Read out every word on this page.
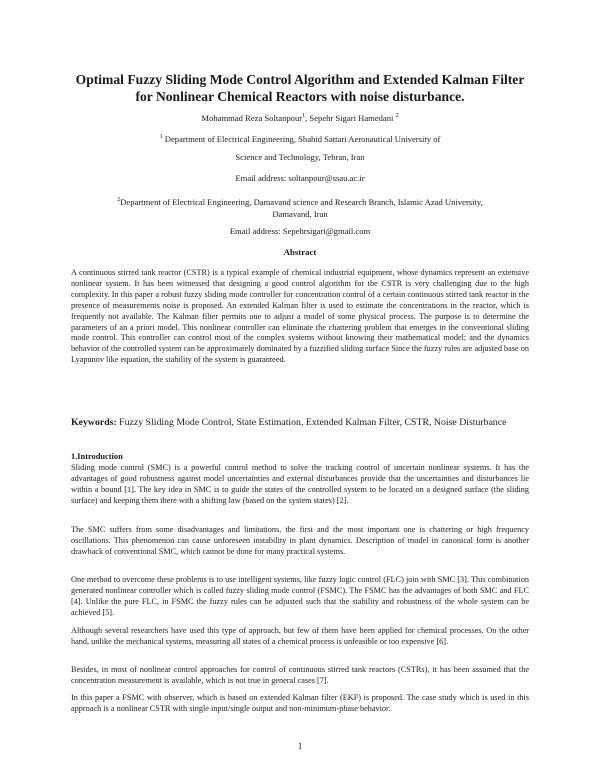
Optimal Fuzzy Sliding Mode Control Algorithm and Extended Kalman Filter
for Nonlinear Chemical Reactors with noise disturbance.
Mohammad Reza Soltanpour$^1$, Sepehr Sigari Hamedani $^2$
$^1$ Department of Electrical Engineering, Shahid Sattari Aeronautical University of
Science and Technology, Tehran, Iran
Email address: soltanpour@ssau.ac.ir
$^2$Department of Electrical Engineering, Damavand science and Research Branch, Islamic Azad University,
Damavand, Iran
Email address: Sepehrsigari@gmail.com
Abstract
A continuous stirred tank reactor (CSTR) is a typical example of chemical industrial equipment, whose dynamics represent an extensive nonlinear system. It has been witnessed that designing a good control algorithm for the CSTR is very challenging due to the high complexity. In this paper a robust fuzzy sliding mode controller for concentration control of a certain continuous stirred tank reactor in the presence of measurements noise is proposed. An extended Kalman filter is used to estimate the concentrations in the reactor, which is frequently not available. The Kalman filter permits one to adjust a model of some physical process. The purpose is to determine the parameters of an a priori model. This nonlinear controller can eliminate the chattering problem that emerges in the conventional sliding mode control. This controller can control most of the complex systems without knowing their mathematical model; and the dynamics behavior of the controlled system can be approximately dominated by a fuzzified sliding surface Since the fuzzy rules are adjusted base on Lyapunov like equation, the stability of the system is guaranteed.
Keywords: Fuzzy Sliding Mode Control, State Estimation, Extended Kalman Filter, CSTR, Noise Disturbance
1.Introduction
Sliding mode control (SMC) is a powerful control method to solve the tracking control of uncertain nonlinear systems. It has the advantages of good robustness against model uncertainties and external disturbances provide that the uncertainties and disturbances lie within a bound [1]. The key idea in SMC is to guide the states of the controlled system to be located on a designed surface (the sliding surface) and keeping them there with a shifting law (based on the system states) [2].
The SMC suffers from some disadvantages and limitations, the first and the most important one is chattering or high frequency oscillations. This phenomenon can cause unforeseen instability in plant dynamics. Description of model in canonical form is another drawback of conventional SMC, which cannot be done for many practical systems.
One method to overcome these problems is to use intelligent systems, like fuzzy logic control (FLC) join with SMC [3]. This combination generated nonlinear controller which is called fuzzy sliding mode control (FSMC). The FSMC has the advantages of both SMC and FLC [4]. Unlike the pure FLC, in FSMC the fuzzy rules can be adjusted such that the stability and robustness of the whole system can be achieved [5].
Although several researchers have used this type of approach, but few of them have been applied for chemical processes. On the other hand, unlike the mechanical systems, measuring all states of a chemical process is unfeasible or too expensive [6].
Besides, in most of nonlinear control approaches for control of continuous stirred tank reactors (CSTRs), it has been assumed that the concentration measurement is available, which is not true in general cases [7].
In this paper a FSMC with observer, which is based on extended Kalman filter (EKF) is proposed. The case study which is used in this approach is a nonlinear CSTR with single input/single output and non-minimum-phase behavior.
1
